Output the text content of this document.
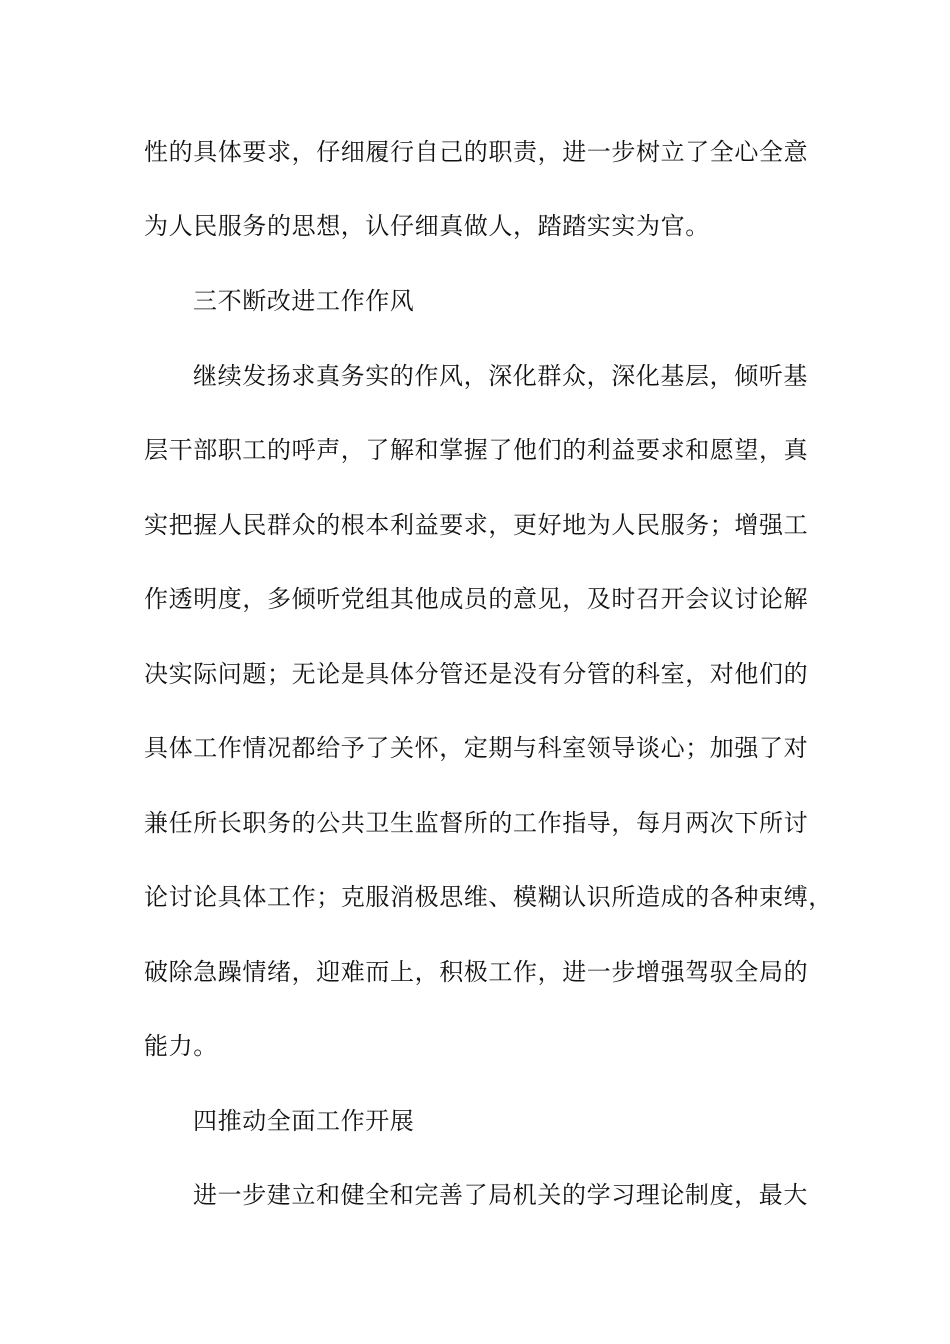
性的具体要求，仔细履行自己的职责，进一步树立了全心全意
为人民服务的思想，认仔细真做人，踏踏实实为官。
三不断改进工作作风
继续发扬求真务实的作风，深化群众，深化基层，倾听基
层干部职工的呼声，了解和掌握了他们的利益要求和愿望，真
实把握人民群众的根本利益要求，更好地为人民服务；增强工
作透明度，多倾听党组其他成员的意见，及时召开会议讨论解
决实际问题；无论是具体分管还是没有分管的科室，对他们的
具体工作情况都给予了关怀，定期与科室领导谈心；加强了对
兼任所长职务的公共卫生监督所的工作指导，每月两次下所讨
论讨论具体工作；克服消极思维、模糊认识所造成的各种束缚，
破除急躁情绪，迎难而上，积极工作，进一步增强驾驭全局的
能力。
四推动全面工作开展
进一步建立和健全和完善了局机关的学习理论制度，最大
